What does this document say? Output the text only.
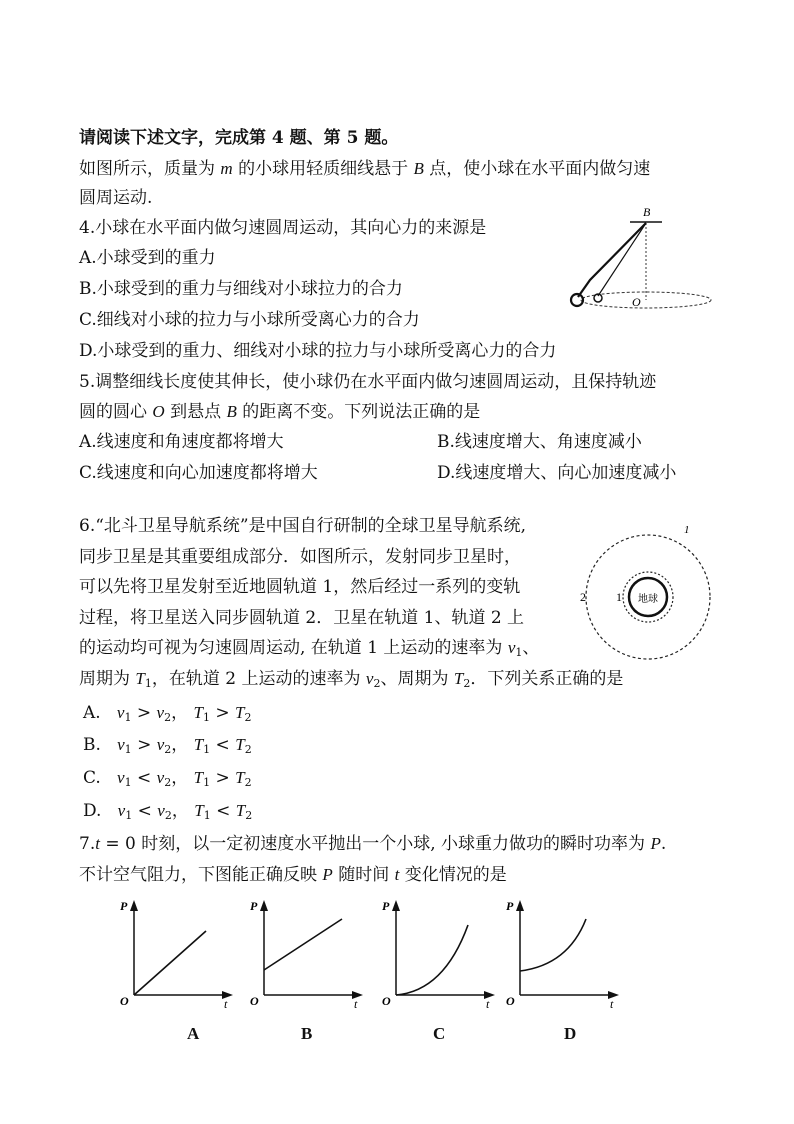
请阅读下述文字，完成第 4 题、第 5 题。
如图所示，质量为 m 的小球用轻质细线悬于 B 点，使小球在水平面内做匀速
圆周运动.
4.小球在水平面内做匀速圆周运动，其向心力的来源是
A.小球受到的重力
B.小球受到的重力与细线对小球拉力的合力
C.细线对小球的拉力与小球所受离心力的合力
D.小球受到的重力、细线对小球的拉力与小球所受离心力的合力
B
O
5.调整细线长度使其伸长，使小球仍在水平面内做匀速圆周运动，且保持轨迹
圆的圆心 O 到悬点 B 的距离不变。下列说法正确的是
A.线速度和角速度都将增大	B.线速度增大、角速度减小
C.线速度和向心加速度都将增大	D.线速度增大、向心加速度减小
6.“北斗卫星导航系统”是中国自行研制的全球卫星导航系统,
同步卫星是其重要组成部分．如图所示，发射同步卫星时，
可以先将卫星发射至近地圆轨道 1，然后经过一系列的变轨
过程，将卫星送入同步圆轨道 2．卫星在轨道 1、轨道 2 上
的运动均可视为匀速圆周运动, 在轨道 1 上运动的速率为 $v_1$、
周期为 $T_1$，在轨道 2 上运动的速率为 $v_2$、周期为 $T_2$．下列关系正确的是
A. $v_1 > v_2$， $T_1 > T_2$
B. $v_1 > v_2$， $T_1 < T_2$
C. $v_1 < v_2$， $T_1 > T_2$
D. $v_1 < v_2$， $T_1 < T_2$
地球
1
2
1
7.t = 0 时刻，以一定初速度水平抛出一个小球, 小球重力做功的瞬时功率为 P.
不计空气阻力，下图能正确反映 P 随时间 t 变化情况的是
P
O	t
A
P
O	t
B
P
O	t
C
P
O	t
D
